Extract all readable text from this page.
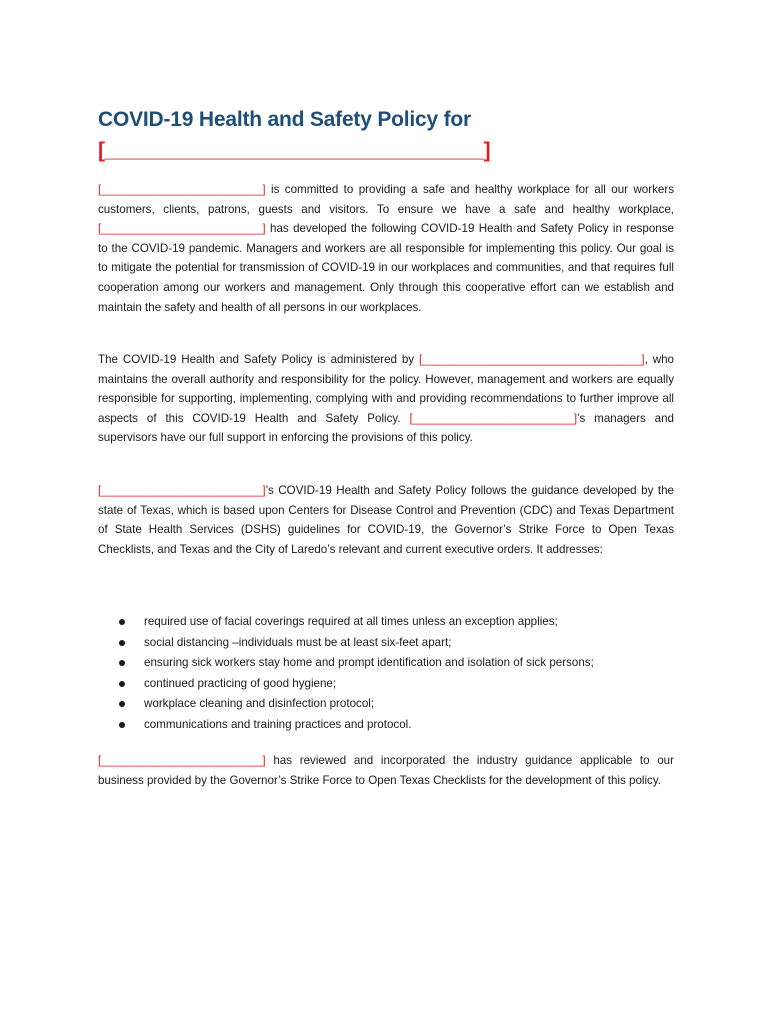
COVID-19 Health and Safety Policy for
[_________________________________]
[_________________________] is committed to providing a safe and healthy workplace for all our workers customers, clients, patrons, guests and visitors. To ensure we have a safe and healthy workplace, [_________________________] has developed the following COVID-19 Health and Safety Policy in response to the COVID-19 pandemic. Managers and workers are all responsible for implementing this policy. Our goal is to mitigate the potential for transmission of COVID-19 in our workplaces and communities, and that requires full cooperation among our workers and management. Only through this cooperative effort can we establish and maintain the safety and health of all persons in our workplaces.
The COVID-19 Health and Safety Policy is administered by [__________________________________], who maintains the overall authority and responsibility for the policy. However, management and workers are equally responsible for supporting, implementing, complying with and providing recommendations to further improve all aspects of this COVID-19 Health and Safety Policy. [_________________________]’s managers and supervisors have our full support in enforcing the provisions of this policy.
[_________________________]’s COVID-19 Health and Safety Policy follows the guidance developed by the state of Texas, which is based upon Centers for Disease Control and Prevention (CDC) and Texas Department of State Health Services (DSHS) guidelines for COVID-19, the Governor’s Strike Force to Open Texas Checklists, and Texas and the City of Laredo’s relevant and current executive orders. It addresses:
required use of facial coverings required at all times unless an exception applies;
social distancing –individuals must be at least six-feet apart;
ensuring sick workers stay home and prompt identification and isolation of sick persons;
continued practicing of good hygiene;
workplace cleaning and disinfection protocol;
communications and training practices and protocol.
[_________________________] has reviewed and incorporated the industry guidance applicable to our business provided by the Governor’s Strike Force to Open Texas Checklists for the development of this policy.
